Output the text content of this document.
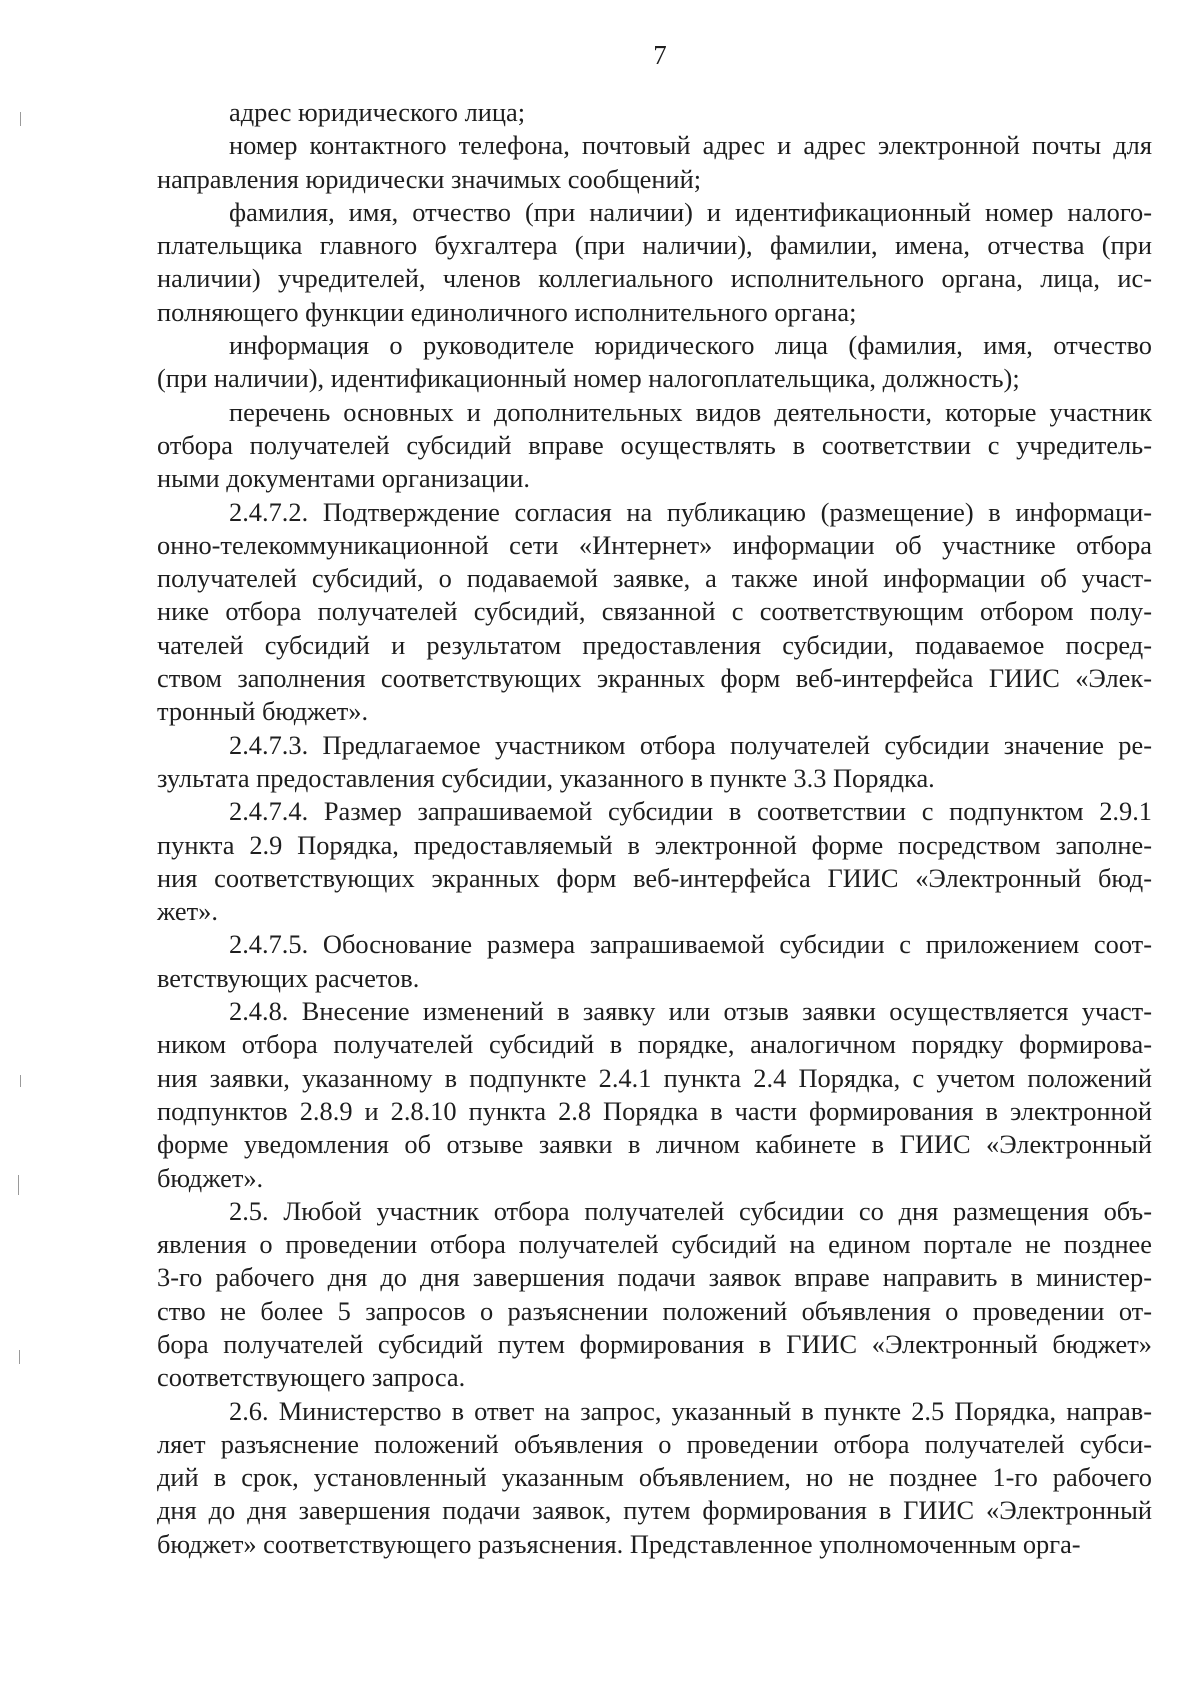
7

адрес юридического лица;

номер контактного телефона, почтовый адрес и адрес электронной почты для
направления юридически значимых сообщений;

фамилия, имя, отчество (при наличии) и идентификационный номер налого-
плательщика главного бухгалтера (при наличии), фамилии, имена, отчества (при
наличии) учредителей, членов коллегиального исполнительного органа, лица, ис-
полняющего функции единоличного исполнительного органа;

информация о руководителе юридического лица (фамилия, имя, отчество
(при наличии), идентификационный номер налогоплательщика, должность);

перечень основных и дополнительных видов деятельности, которые участник
отбора получателей субсидий вправе осуществлять в соответствии с учредитель-
ными документами организации.

2.4.7.2. Подтверждение согласия на публикацию (размещение) в информаци-
онно-телекоммуникационной сети «Интернет» информации об участнике отбора
получателей субсидий, о подаваемой заявке, а также иной информации об участ-
нике отбора получателей субсидий, связанной с соответствующим отбором полу-
чателей субсидий и результатом предоставления субсидии, подаваемое посред-
ством заполнения соответствующих экранных форм веб-интерфейса ГИИС «Элек-
тронный бюджет».

2.4.7.3. Предлагаемое участником отбора получателей субсидии значение ре-
зультата предоставления субсидии, указанного в пункте 3.3 Порядка.

2.4.7.4. Размер запрашиваемой субсидии в соответствии с подпунктом 2.9.1
пункта 2.9 Порядка, предоставляемый в электронной форме посредством заполне-
ния соответствующих экранных форм веб-интерфейса ГИИС «Электронный бюд-
жет».

2.4.7.5. Обоснование размера запрашиваемой субсидии с приложением соот-
ветствующих расчетов.

2.4.8. Внесение изменений в заявку или отзыв заявки осуществляется участ-
ником отбора получателей субсидий в порядке, аналогичном порядку формирова-
ния заявки, указанному в подпункте 2.4.1 пункта 2.4 Порядка, с учетом положений
подпунктов 2.8.9 и 2.8.10 пункта 2.8 Порядка в части формирования в электронной
форме уведомления об отзыве заявки в личном кабинете в ГИИС «Электронный
бюджет».

2.5. Любой участник отбора получателей субсидии со дня размещения объ-
явления о проведении отбора получателей субсидий на едином портале не позднее
3-го рабочего дня до дня завершения подачи заявок вправе направить в министер-
ство не более 5 запросов о разъяснении положений объявления о проведении от-
бора получателей субсидий путем формирования в ГИИС «Электронный бюджет»
соответствующего запроса.

2.6. Министерство в ответ на запрос, указанный в пункте 2.5 Порядка, направ-
ляет разъяснение положений объявления о проведении отбора получателей субси-
дий в срок, установленный указанным объявлением, но не позднее 1-го рабочего
дня до дня завершения подачи заявок, путем формирования в ГИИС «Электронный
бюджет» соответствующего разъяснения. Представленное уполномоченным орга-
